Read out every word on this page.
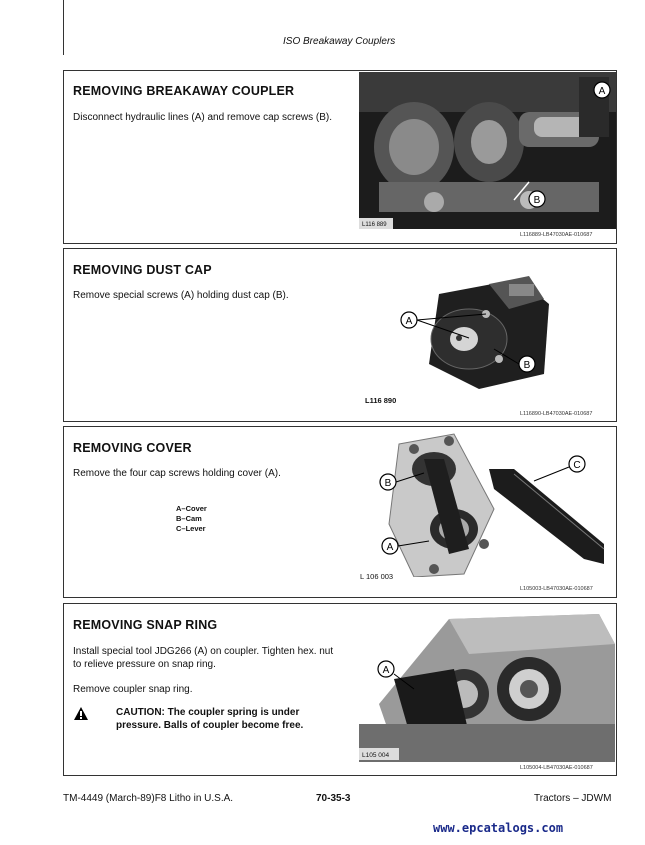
ISO Breakaway Couplers
REMOVING BREAKAWAY COUPLER
Disconnect hydraulic lines (A) and remove cap screws (B).
L116 889
A
B
L116889-LB47030AE-010687
REMOVING DUST CAP
Remove special screws (A) holding dust cap (B).
A
B
L116 890
L116890-LB47030AE-010687
REMOVING COVER
Remove the four cap screws holding cover (A).
A–Cover
B–Cam
C–Lever
B
A
C
L 106 003
L105003-LB47030AE-010687
REMOVING SNAP RING
Install special tool JDG266 (A) on coupler. Tighten hex. nut to relieve pressure on snap ring.
Remove coupler snap ring.
CAUTION: The coupler spring is under pressure. Balls of coupler become free.
L105 004
A
L105004-LB47030AE-010687
TM-4449 (March-89)F8 Litho in U.S.A.	70-35-3	Tractors – JDWM
www.epcatalogs.com
